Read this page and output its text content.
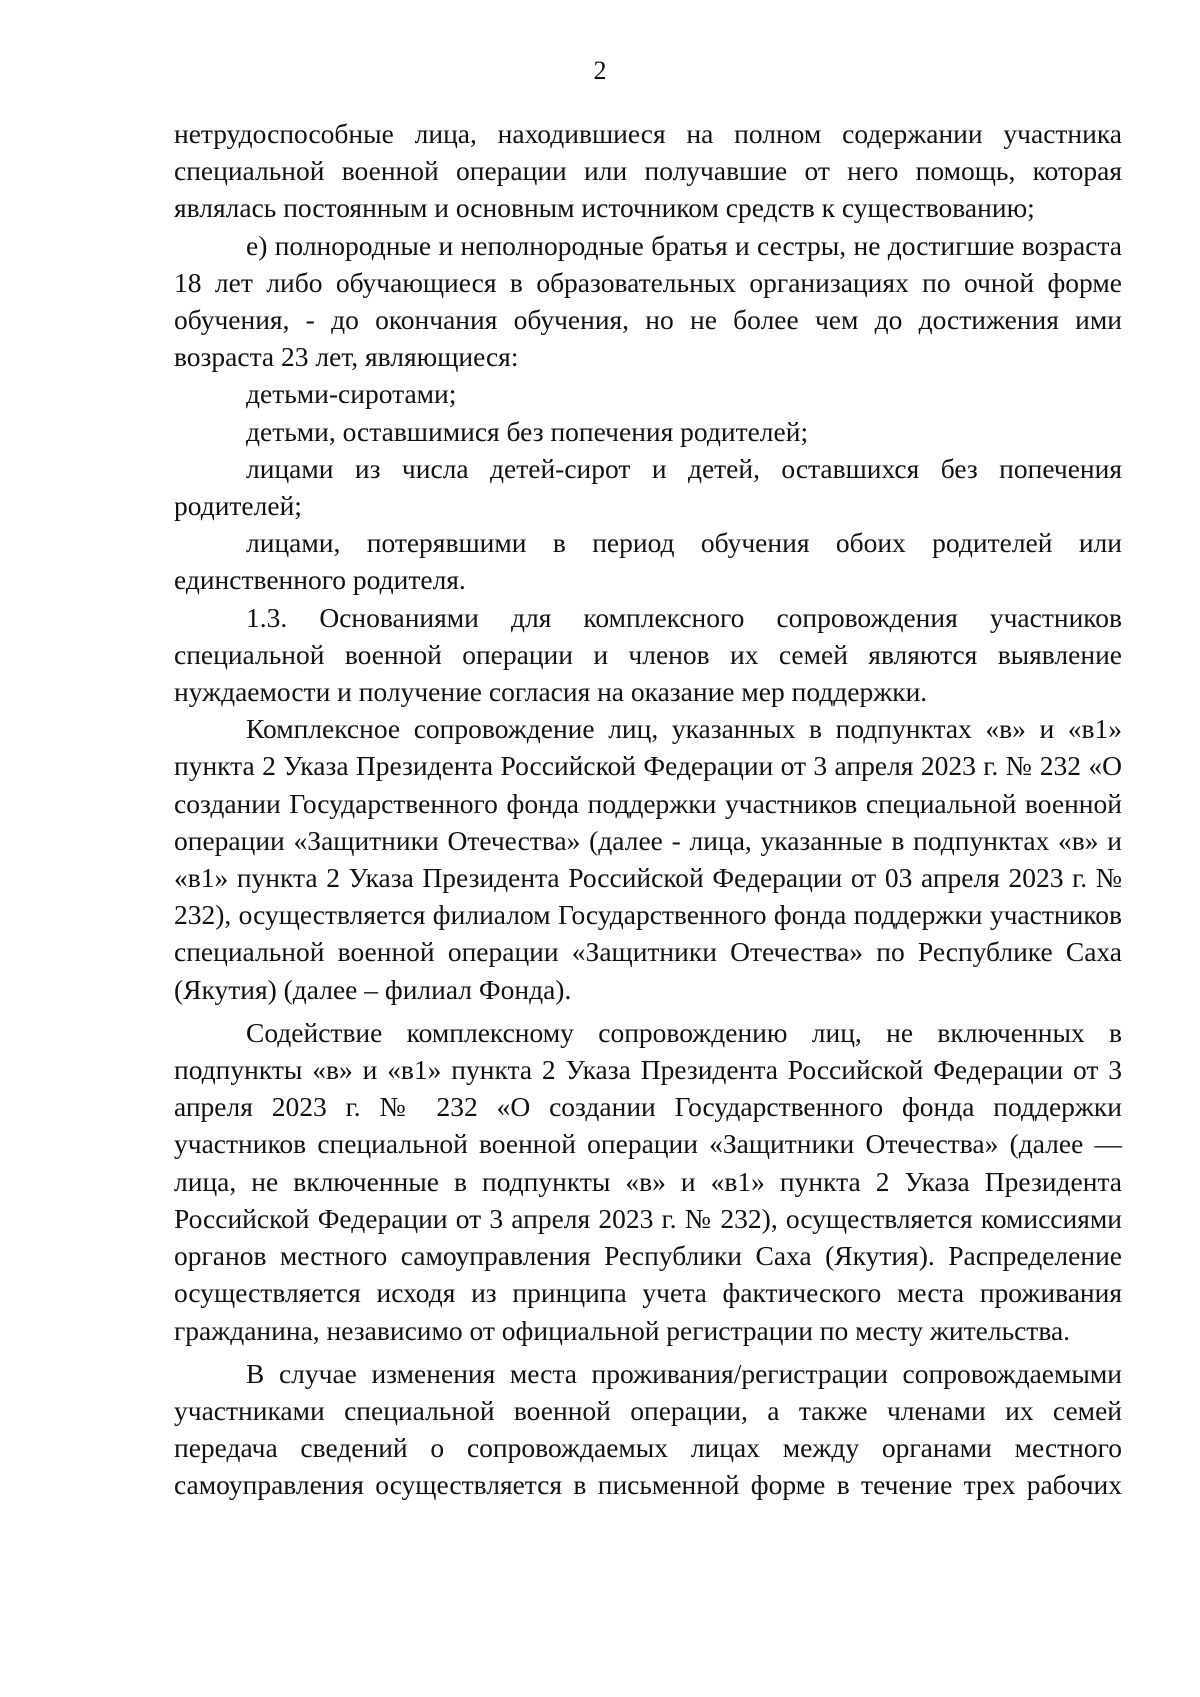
2

нетрудоспособные лица, находившиеся на полном содержании участника специальной военной операции или получавшие от него помощь, которая являлась постоянным и основным источником средств к существованию;

е) полнородные и неполнородные братья и сестры, не достигшие возраста 18 лет либо обучающиеся в образовательных организациях по очной форме обучения, - до окончания обучения, но не более чем до достижения ими возраста 23 лет, являющиеся:

детьми-сиротами;

детьми, оставшимися без попечения родителей;

лицами из числа детей-сирот и детей, оставшихся без попечения родителей;

лицами, потерявшими в период обучения обоих родителей или единственного родителя.

1.3. Основаниями для комплексного сопровождения участников специальной военной операции и членов их семей являются выявление нуждаемости и получение согласия на оказание мер поддержки.

Комплексное сопровождение лиц, указанных в подпунктах «в» и «в1» пункта 2 Указа Президента Российской Федерации от 3 апреля 2023 г. № 232 «О создании Государственного фонда поддержки участников специальной военной операции «Защитники Отечества» (далее - лица, указанные в подпунктах «в» и «в1» пункта 2 Указа Президента Российской Федерации от 03 апреля 2023 г. № 232), осуществляется филиалом Государственного фонда поддержки участников специальной военной операции «Защитники Отечества» по Республике Саха (Якутия) (далее – филиал Фонда).

Содействие комплексному сопровождению лиц, не включенных в подпункты «в» и «в1» пункта 2 Указа Президента Российской Федерации от 3 апреля 2023 г. № 232 «О создании Государственного фонда поддержки участников специальной военной операции «Защитники Отечества» (далее — лица, не включенные в подпункты «в» и «в1» пункта 2 Указа Президента Российской Федерации от 3 апреля 2023 г. № 232), осуществляется комиссиями органов местного самоуправления Республики Саха (Якутия). Распределение осуществляется исходя из принципа учета фактического места проживания гражданина, независимо от официальной регистрации по месту жительства.

В случае изменения места проживания/регистрации сопровождаемыми участниками специальной военной операции, а также членами их семей передача сведений о сопровождаемых лицах между органами местного самоуправления осуществляется в письменной форме в течение трех рабочих
